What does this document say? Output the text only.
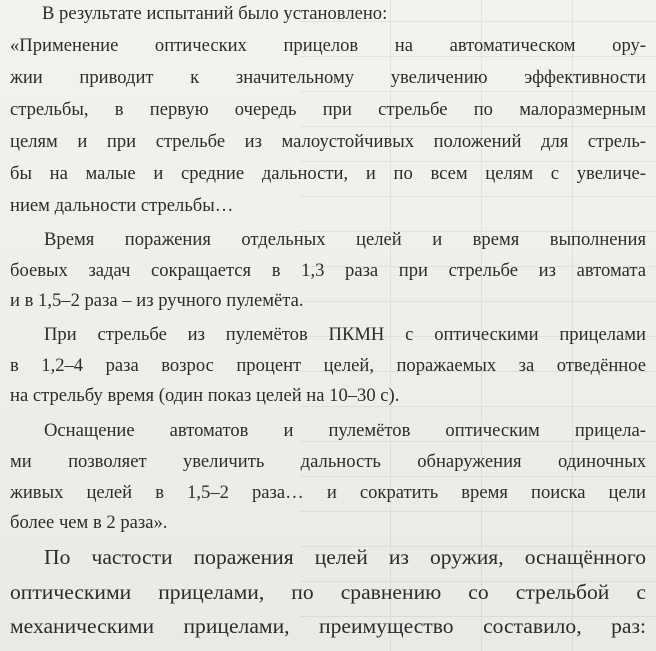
В результате испытаний было установлено:

«Применение оптических прицелов на автоматическом ору-

жии приводит к значительному увеличению эффективности

стрельбы, в первую очередь при стрельбе по малоразмерным

целям и при стрельбе из малоустойчивых положений для стрель-

бы на малые и средние дальности, и по всем целям с увеличе-

нием дальности стрельбы…

Время поражения отдельных целей и время выполнения

боевых задач сокращается в 1,3 раза при стрельбе из автомата

и в 1,5–2 раза – из ручного пулемёта.

При стрельбе из пулемётов ПКМН с оптическими прицелами

в 1,2–4 раза возрос процент целей, поражаемых за отведённое

на стрельбу время (один показ целей на 10–30 с).

Оснащение автоматов и пулемётов оптическим прицела-

ми позволяет увеличить дальность обнаружения одиночных

живых целей в 1,5–2 раза… и сократить время поиска цели

более чем в 2 раза».

По частости поражения целей из оружия, оснащённого

оптическими прицелами, по сравнению со стрельбой с

механическими прицелами, преимущество составило, раз:
